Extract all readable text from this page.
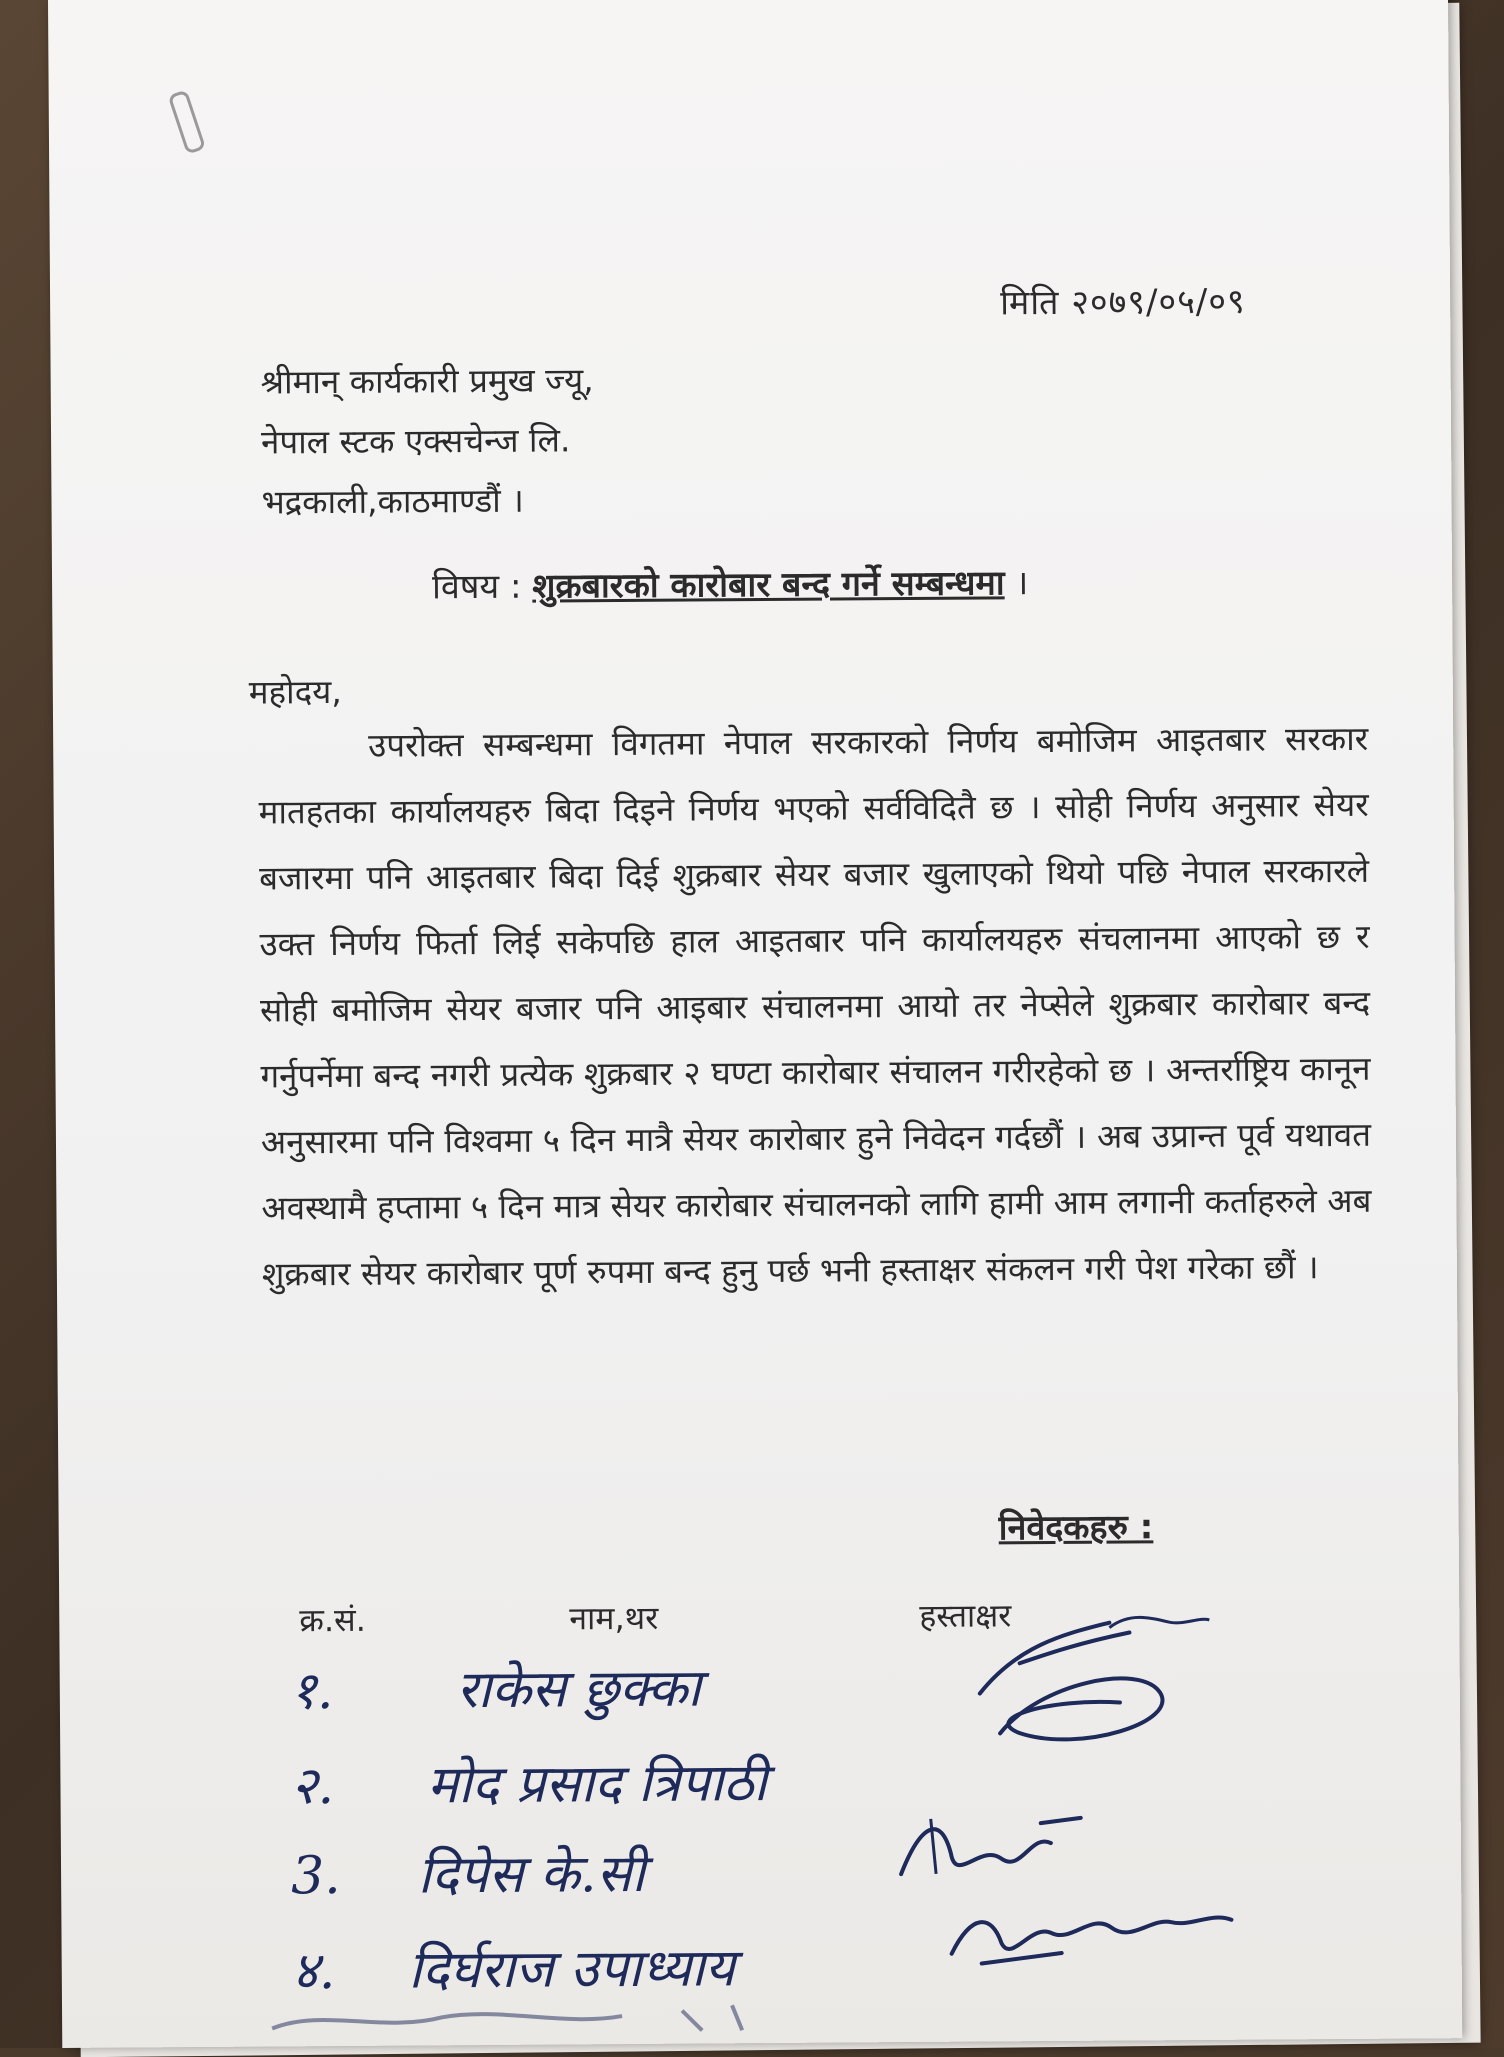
मिति २०७९/०५/०९
श्रीमान् कार्यकारी प्रमुख ज्यू,
नेपाल स्टक एक्सचेन्ज लि.
भद्रकाली,काठमाण्डौं ।
विषय : शुक्रबारको कारोबार बन्द गर्ने सम्बन्धमा ।
महोदय,
उपरोक्त सम्बन्धमा विगतमा नेपाल सरकारको निर्णय बमोजिम आइतबार सरकार मातहतका कार्यालयहरु बिदा दिइने निर्णय भएको सर्वविदितै छ । सोही निर्णय अनुसार सेयर बजारमा पनि आइतबार बिदा दिई शुक्रबार सेयर बजार खुलाएको थियो पछि नेपाल सरकारले उक्त निर्णय फिर्ता लिई सकेपछि हाल आइतबार पनि कार्यालयहरु संचलानमा आएको छ र सोही बमोजिम सेयर बजार पनि आइबार संचालनमा आयो तर नेप्सेले शुक्रबार कारोबार बन्द गर्नुपर्नेमा बन्द नगरी प्रत्येक शुक्रबार २ घण्टा कारोबार संचालन गरीरहेको छ । अन्तर्राष्ट्रिय कानून अनुसारमा पनि विश्वमा ५ दिन मात्रै सेयर कारोबार हुने निवेदन गर्दछौं । अब उप्रान्त पूर्व यथावत अवस्थामै हप्तामा ५ दिन मात्र सेयर कारोबार संचालनको लागि हामी आम लगानी कर्ताहरुले अब शुक्रबार सेयर कारोबार पूर्ण रुपमा बन्द हुनु पर्छ भनी हस्ताक्षर संकलन गरी पेश गरेका छौं ।
निवेदकहरु :
क्र.सं.	नाम,थर	हस्ताक्षर
१. राकेस छुक्का
२. मोद प्रसाद त्रिपाठी
3. दिपेस के.सी
४. दिर्घराज उपाध्याय
